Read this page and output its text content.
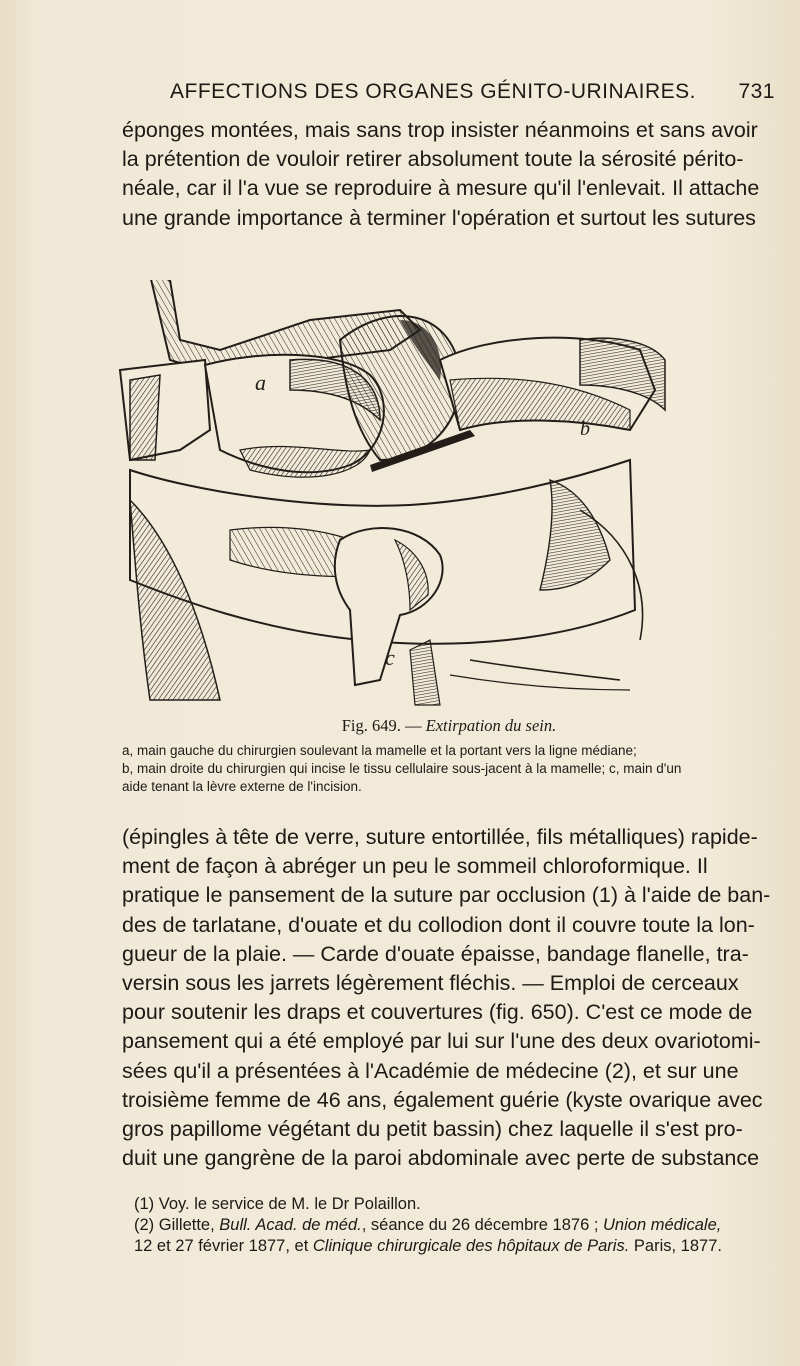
AFFECTIONS DES ORGANES GÉNITO-URINAIRES. 731
éponges montées, mais sans trop insister néanmoins et sans avoir
la prétention de vouloir retirer absolument toute la sérosité périto-
néale, car il l'a vue se reproduire à mesure qu'il l'enlevait. Il attache
une grande importance à terminer l'opération et surtout les sutures
a
b
c
Fig. 649. — Extirpation du sein.
a, main gauche du chirurgien soulevant la mamelle et la portant vers la ligne médiane;
b, main droite du chirurgien qui incise le tissu cellulaire sous-jacent à la mamelle; c, main d'un
aide tenant la lèvre externe de l'incision.
(épingles à tête de verre, suture entortillée, fils métalliques) rapide-
ment de façon à abréger un peu le sommeil chloroformique. Il
pratique le pansement de la suture par occlusion (1) à l'aide de ban-
des de tarlatane, d'ouate et du collodion dont il couvre toute la lon-
gueur de la plaie. — Carde d'ouate épaisse, bandage flanelle, tra-
versin sous les jarrets légèrement fléchis. — Emploi de cerceaux
pour soutenir les draps et couvertures (fig. 650). C'est ce mode de
pansement qui a été employé par lui sur l'une des deux ovariotomi-
sées qu'il a présentées à l'Académie de médecine (2), et sur une
troisième femme de 46 ans, également guérie (kyste ovarique avec
gros papillome végétant du petit bassin) chez laquelle il s'est pro-
duit une gangrène de la paroi abdominale avec perte de substance
(1) Voy. le service de M. le Dr Polaillon.
(2) Gillette, Bull. Acad. de méd., séance du 26 décembre 1876 ; Union médicale,
12 et 27 février 1877, et Clinique chirurgicale des hôpitaux de Paris. Paris, 1877.
